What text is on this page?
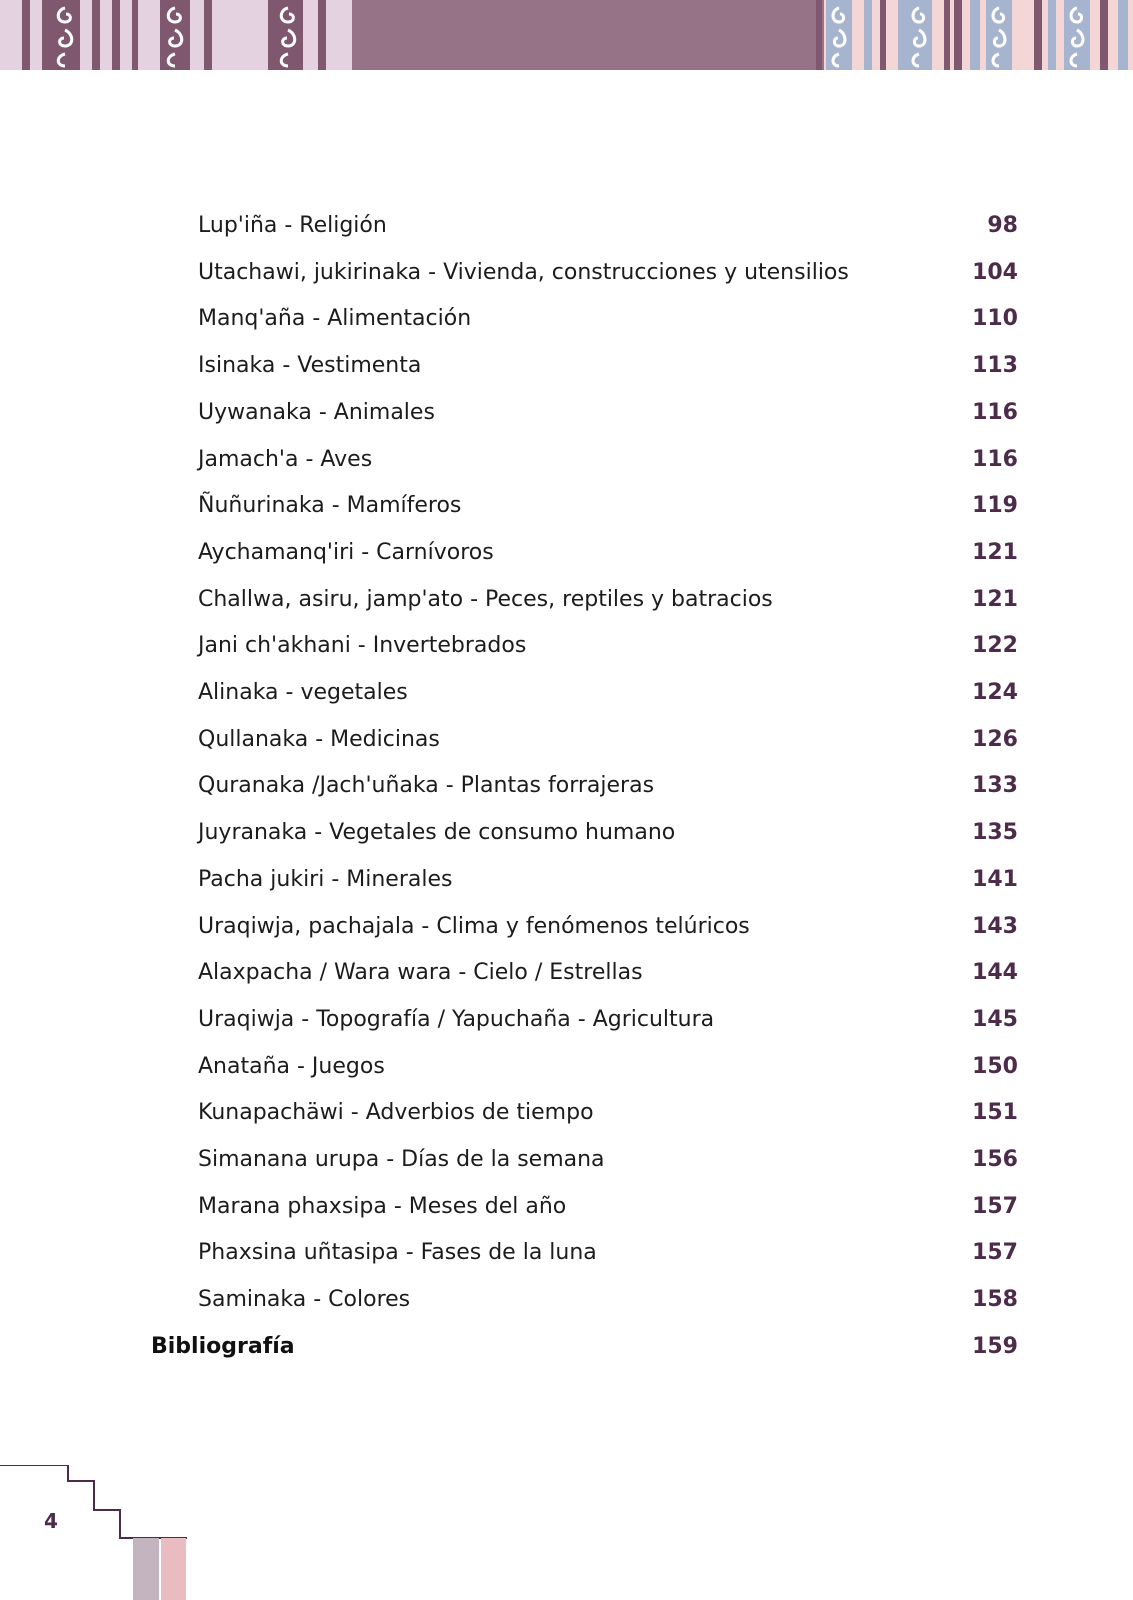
Lup'iña - Religión	98
Utachawi, jukirinaka - Vivienda, construcciones y utensilios	104
Manq'aña - Alimentación	110
Isinaka - Vestimenta	113
Uywanaka - Animales	116
Jamach'a - Aves	116
Ñuñurinaka - Mamíferos	119
Aychamanq'iri - Carnívoros	121
Challwa, asiru, jamp'ato - Peces, reptiles y batracios	121
Jani ch'akhani - Invertebrados	122
Alinaka - vegetales	124
Qullanaka - Medicinas	126
Quranaka /Jach'uñaka - Plantas forrajeras	133
Juyranaka - Vegetales de consumo humano	135
Pacha jukiri - Minerales	141
Uraqiwja, pachajala - Clima y fenómenos telúricos	143
Alaxpacha / Wara wara - Cielo / Estrellas	144
Uraqiwja - Topografía / Yapuchaña - Agricultura	145
Anataña - Juegos	150
Kunapachäwi - Adverbios de tiempo	151
Simanana urupa - Días de la semana	156
Marana phaxsipa - Meses del año	157
Phaxsina uñtasipa - Fases de la luna	157
Saminaka - Colores	158
Bibliografía	159
4
